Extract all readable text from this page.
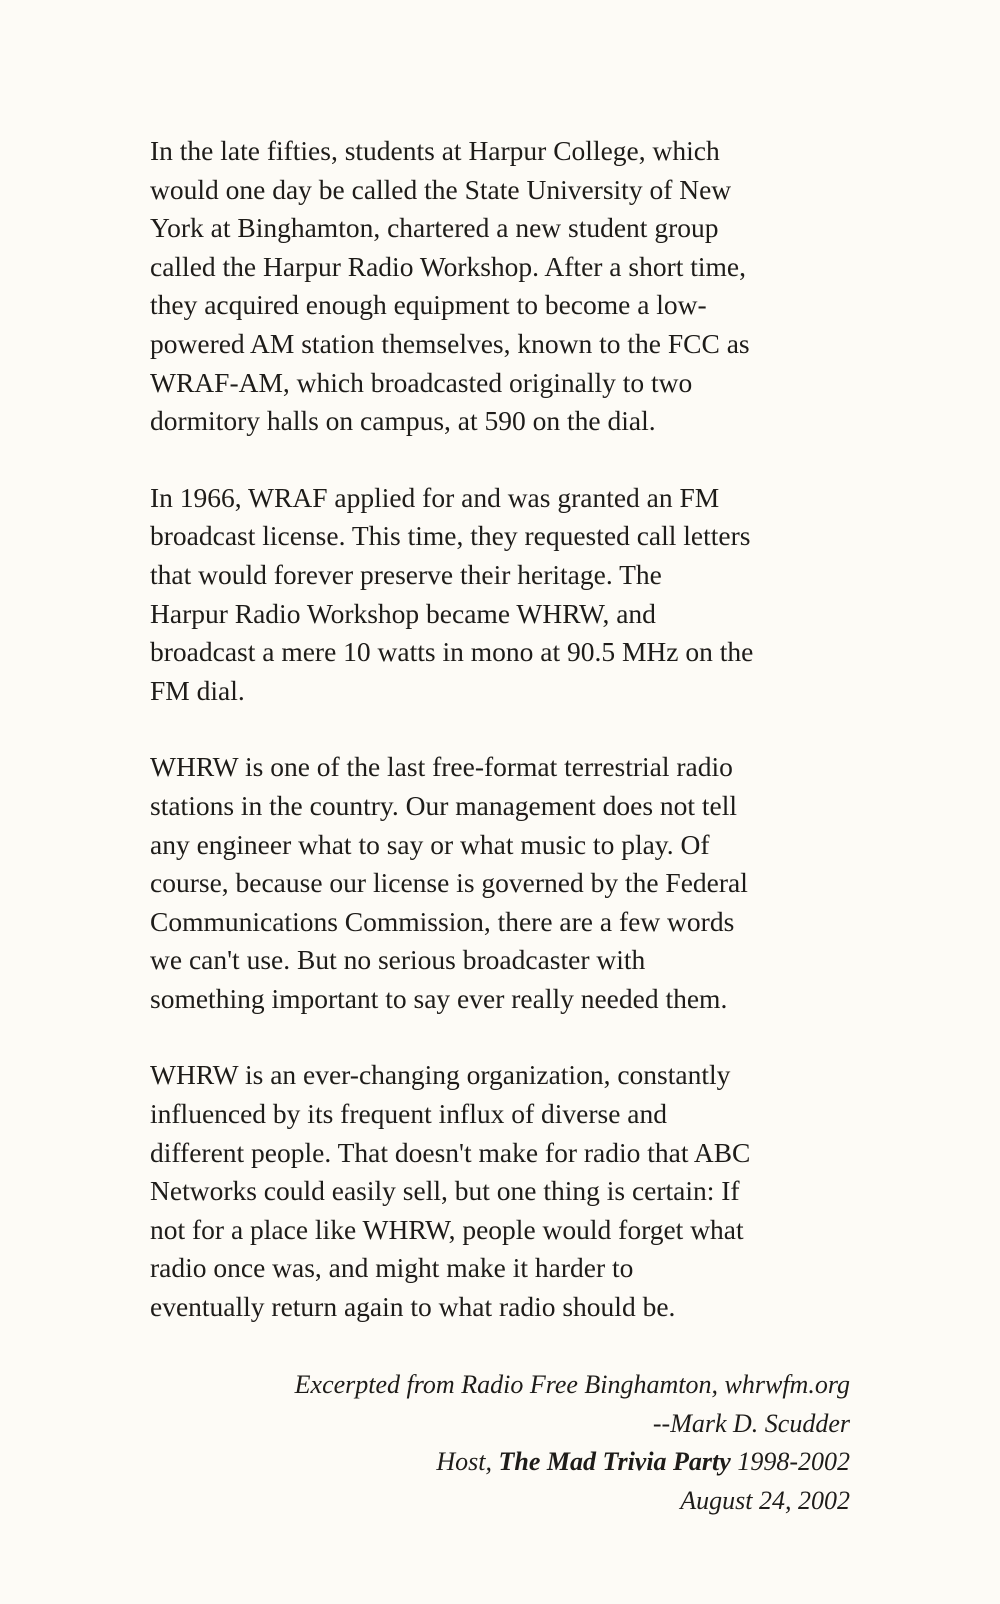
In the late fifties, students at Harpur College, which
would one day be called the State University of New
York at Binghamton, chartered a new student group
called the Harpur Radio Workshop. After a short time,
they acquired enough equipment to become a low-
powered AM station themselves, known to the FCC as
WRAF-AM, which broadcasted originally to two
dormitory halls on campus, at 590 on the dial.

In 1966, WRAF applied for and was granted an FM
broadcast license. This time, they requested call letters
that would forever preserve their heritage. The
Harpur Radio Workshop became WHRW, and
broadcast a mere 10 watts in mono at 90.5 MHz on the
FM dial.

WHRW is one of the last free-format terrestrial radio
stations in the country. Our management does not tell
any engineer what to say or what music to play. Of
course, because our license is governed by the Federal
Communications Commission, there are a few words
we can't use. But no serious broadcaster with
something important to say ever really needed them.

WHRW is an ever-changing organization, constantly
influenced by its frequent influx of diverse and
different people. That doesn't make for radio that ABC
Networks could easily sell, but one thing is certain: If
not for a place like WHRW, people would forget what
radio once was, and might make it harder to
eventually return again to what radio should be.

Excerpted from Radio Free Binghamton, whrwfm.org
--Mark D. Scudder
Host, The Mad Trivia Party 1998-2002
August 24, 2002
